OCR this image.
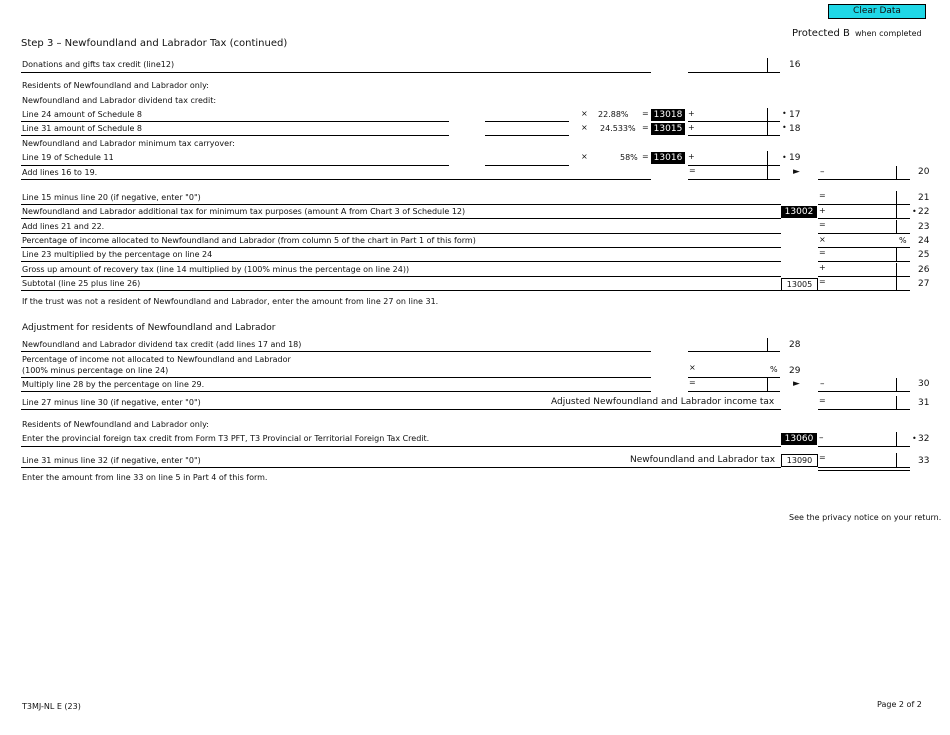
Clear Data
Protected B when completed
Step 3 – Newfoundland and Labrador Tax (continued)
Donations and gifts tax credit (line12)	16
Residents of Newfoundland and Labrador only:
Newfoundland and Labrador dividend tax credit:
Line 24 amount of Schedule 8	× 22.88% = 13018 +	• 17
Line 31 amount of Schedule 8	× 24.533% = 13015 +	• 18
Newfoundland and Labrador minimum tax carryover:
Line 19 of Schedule 11	×	58% = 13016 +	• 19
Add lines 16 to 19.	=	► –	20
Line 15 minus line 20 (if negative, enter "0")	=	21
Newfoundland and Labrador additional tax for minimum tax purposes (amount A from Chart 3 of Schedule 12)	13002 +	• 22
Add lines 21 and 22.	=	23
Percentage of income allocated to Newfoundland and Labrador (from column 5 of the chart in Part 1 of this form)	×	% 24
Line 23 multiplied by the percentage on line 24	=	25
Gross up amount of recovery tax (line 14 multiplied by (100% minus the percentage on line 24))	+	26
Subtotal (line 25 plus line 26)	13005 =	27
If the trust was not a resident of Newfoundland and Labrador, enter the amount from line 27 on line 31.
Adjustment for residents of Newfoundland and Labrador
Newfoundland and Labrador dividend tax credit (add lines 17 and 18)	28
Percentage of income not allocated to Newfoundland and Labrador
(100% minus percentage on line 24)	×	% 29
Multiply line 28 by the percentage on line 29.	=	► –	30
Line 27 minus line 30 (if negative, enter "0")	Adjusted Newfoundland and Labrador income tax	=	31
Residents of Newfoundland and Labrador only:
Enter the provincial foreign tax credit from Form T3 PFT, T3 Provincial or Territorial Foreign Tax Credit.	13060 –	• 32
Line 31 minus line 32 (if negative, enter "0")	Newfoundland and Labrador tax	13090 =	33
Enter the amount from line 33 on line 5 in Part 4 of this form.
See the privacy notice on your return.
T3MJ-NL E (23)	Page 2 of 2
